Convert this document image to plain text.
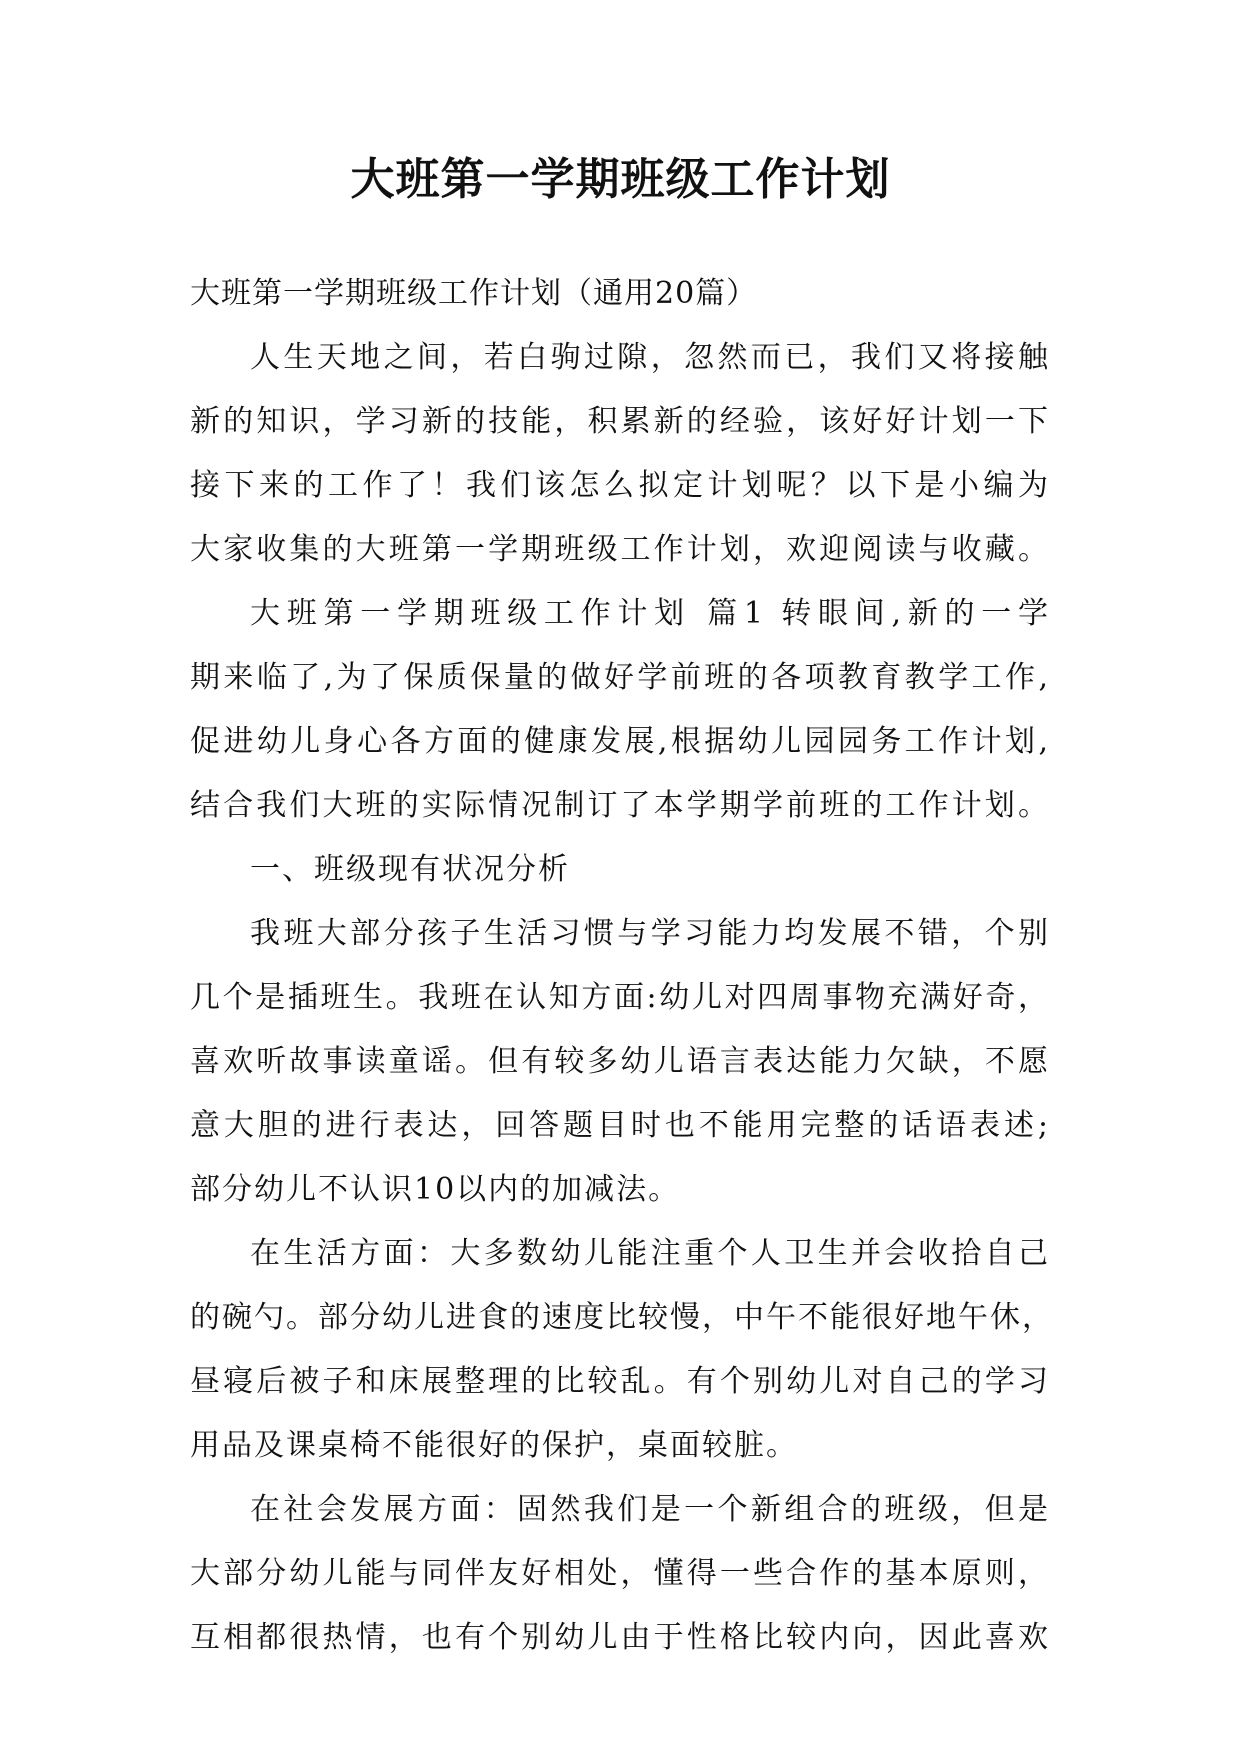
大班第一学期班级工作计划
大班第一学期班级工作计划（通用20篇）
人生天地之间，若白驹过隙，忽然而已，我们又将接触
新的知识，学习新的技能，积累新的经验，该好好计划一下
接下来的工作了！我们该怎么拟定计划呢？以下是小编为
大家收集的大班第一学期班级工作计划，欢迎阅读与收藏。
大班第一学期班级工作计划 篇1 转眼间,新的一学
期来临了,为了保质保量的做好学前班的各项教育教学工作,
促进幼儿身心各方面的健康发展,根据幼儿园园务工作计划,
结合我们大班的实际情况制订了本学期学前班的工作计划。
一、班级现有状况分析
我班大部分孩子生活习惯与学习能力均发展不错，个别
几个是插班生。我班在认知方面:幼儿对四周事物充满好奇，
喜欢听故事读童谣。但有较多幼儿语言表达能力欠缺，不愿
意大胆的进行表达，回答题目时也不能用完整的话语表述;
部分幼儿不认识10以内的加减法。
在生活方面：大多数幼儿能注重个人卫生并会收拾自己
的碗勺。部分幼儿进食的速度比较慢，中午不能很好地午休，
昼寝后被子和床展整理的比较乱。有个别幼儿对自己的学习
用品及课桌椅不能很好的保护，桌面较脏。
在社会发展方面：固然我们是一个新组合的班级，但是
大部分幼儿能与同伴友好相处，懂得一些合作的基本原则，
互相都很热情，也有个别幼儿由于性格比较内向，因此喜欢
